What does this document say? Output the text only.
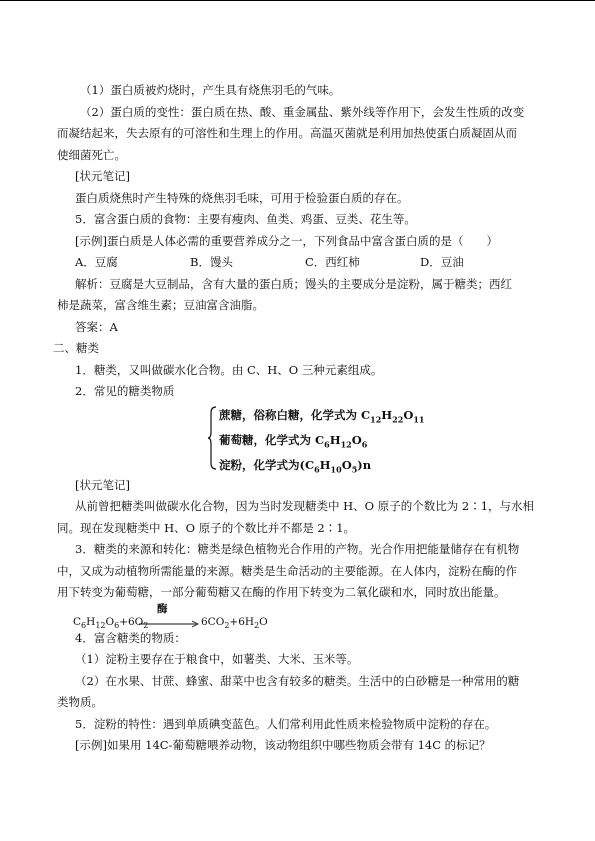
（1）蛋白质被灼烧时，产生具有烧焦羽毛的气味。

（2）蛋白质的变性：蛋白质在热、酸、重金属盐、紫外线等作用下，会发生性质的改变

而凝结起来，失去原有的可溶性和生理上的作用。高温灭菌就是利用加热使蛋白质凝固从而

使细菌死亡。

[状元笔记]

蛋白质烧焦时产生特殊的烧焦羽毛味，可用于检验蛋白质的存在。

5．富含蛋白质的食物：主要有瘦肉、鱼类、鸡蛋、豆类、花生等。

[示例]蛋白质是人体必需的重要营养成分之一，下列食品中富含蛋白质的是（　　）

A．豆腐	B．馒头	C．西红柿	D．豆油

解析：豆腐是大豆制品，含有大量的蛋白质；馒头的主要成分是淀粉，属于糖类；西红

柿是蔬菜，富含维生素；豆油富含油脂。

答案：A

二、糖类

1．糖类，又叫做碳水化合物。由 C、H、O 三种元素组成。

2．常见的糖类物质

蔗糖，俗称白糖，化学式为 $C_{12}H_{22}O_{11}$
葡萄糖，化学式为 $C_6H_{12}O_6$
淀粉，化学式为$(C_6H_{10}O_5)n$

[状元笔记]

从前曾把糖类叫做碳水化合物，因为当时发现糖类中 H、O 原子的个数比为 2∶1，与水相

同。现在发现糖类中 H、O 原子的个数比并不都是 2∶1。

3．糖类的来源和转化：糖类是绿色植物光合作用的产物。光合作用把能量储存在有机物

中，又成为动植物所需能量的来源。糖类是生命活动的主要能源。在人体内，淀粉在酶的作

用下转变为葡萄糖，一部分葡萄糖又在酶的作用下转变为二氧化碳和水，同时放出能量。

$C_6H_{12}O_6+6O_2$
酶
$6CO_2+6H_2O$

4．富含糖类的物质：

（1）淀粉主要存在于粮食中，如薯类、大米、玉米等。

（2）在水果、甘蔗、蜂蜜、甜菜中也含有较多的糖类。生活中的白砂糖是一种常用的糖

类物质。

5．淀粉的特性：遇到单质碘变蓝色。人们常利用此性质来检验物质中淀粉的存在。

[示例]如果用 14C-葡萄糖喂养动物，该动物组织中哪些物质会带有 14C 的标记？
